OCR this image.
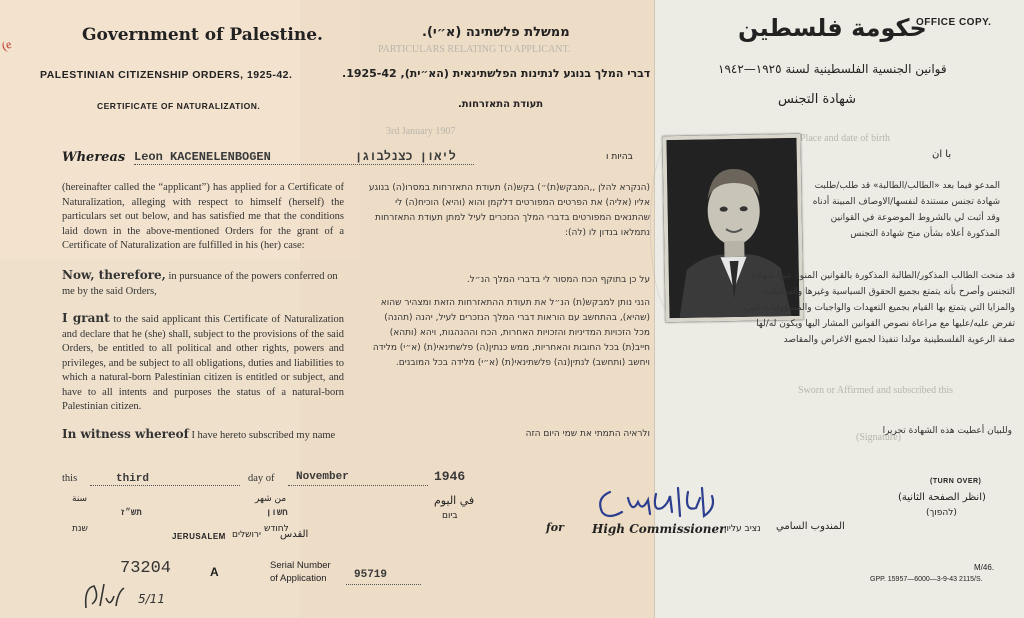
(e
Government of Palestine.	ממשלת פלשתינה (א״י).	حكومة فلسطين
OFFICE COPY.
PALESTINIAN CITIZENSHIP ORDERS, 1925-42.	דברי המלך בנוגע לנתינות הפלשתינאית (הא״ית), 1925-42.	قوانين الجنسية الفلسطينية لسنة ١٩٢٥—١٩٤٢
PARTICULARS RELATING TO APPLICANT.
CERTIFICATE OF NATURALIZATION.	תעודת התאזרחות.	شهادة التجنس
Place and date of birth
3rd January 1907
Whereas Leon KACENELENBOGEN	ליאון כצנלבוגן	בהיות ו	با ان
(hereinafter called the “applicant”) has applied for a Certificate of Naturalization, alleging with respect to himself (herself) the particulars set out below, and has satisfied me that the conditions laid down in the above-mentioned Orders for the grant of a Certificate of Naturalization are fulfilled in his (her) case:
Now, therefore, in pursuance of the powers conferred on me by the said Orders,
I grant to the said applicant this Certificate of Naturalization and declare that he (she) shall, subject to the provisions of the said Orders, be entitled to all political and other rights, powers and privileges, and be subject to all obligations, duties and liabilities to which a natural-born Palestinian citizen is entitled or subject, and have to all intents and purposes the status of a natural-born Palestinian citizen.
In witness whereof I have hereto subscribed my name
(הנקרא להלן ,,המבקש(ת)״) בקש(ה) תעודת התאזרחות במסרו(ה) בנוגע אליו (אליה) את הפרטים המפורטים דלקמן והוא (והיא) הוכיח(ה) לי שהתנאים המפורטים בדברי המלך הנזכרים לעיל למתן תעודת התאזרחות נתמלאו בנדון לו (לה):
על כן בתוקף הכח המסור לי בדברי המלך הנ״ל.
הנני נותן למבקש(ת) הנ״ל את תעודת ההתאזרחות הזאת ומצהיר שהוא (שהיא), בהתחשב עם הוראות דברי המלך הנזכרים לעיל, יהנה (תהנה) מכל הזכויות המדיניות והזכויות האחרות, הכח וההנהגות, ויהא (ותהא) חייב(ת) בכל החובות והאחריות, ממש כנתין(ה) פלשתינאי(ת) (א״י) מלידה ויחשב (ותחשב) לנתין(נה) פלשתינאי(ת) (א״י) מלידה בכל המובנים.
ולראיה התמתי את שמי היום הזה
المدعو فيما بعد «الطالب/الطالبة» قد طلب/طلبت شهادة تجنس مستندة لنفسها/الاوصاف المبينة أدناه وقد أثبت لي بالشروط الموضوعة في القوانين المذكورة أعلاه بشأن منح شهادة التجنس
قد منحت الطالب المذكور/الطالبة المذكورة بالقوانين المنوه عنها شهادة التجنس وأصرح بأنه يتمتع بجميع الحقوق السياسية وغيرها والسلطات والمزايا التي يتمتع بها القيام بجميع التعهدات والواجبات والمسؤوليات التي تفرض عليه/عليها مع مراعاة نصوص القوانين المشار اليها ويكون له/لها صفة الرعوية الفلسطينية مولدا تنفيذا لجميع الاغراض والمقاصد
وللبيان أعطيت هذه الشهادة تحريرا
Sworn or Affirmed and subscribed this
(Signature)
this	third	day of November	1946
سنة
תש״ז
שנת
من شهر
חשון
לחודש
في اليوم
ביום
JERUSALEM ירושלים القدس
for High Commissioner
נציב עליון المندوب السامي
(TURN OVER)
(انظر الصفحة الثانية)
(להפוך)
73204	A	Serial Number
of Application 95719
5/11
M/46.
GPP. 15957—6000—3-9-43 2115/S.
